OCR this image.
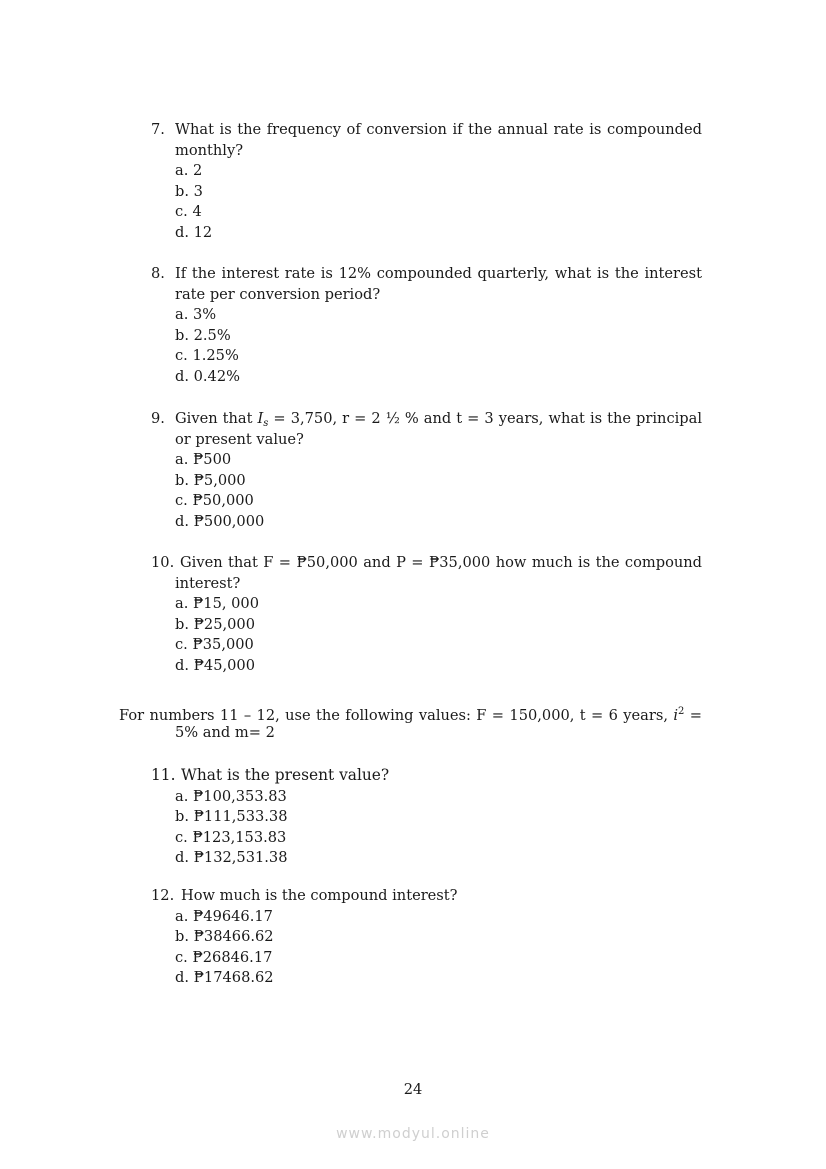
7. What is the frequency of conversion if the annual rate is compounded
monthly?
a. 2
b. 3
c. 4
d. 12
8. If the interest rate is 12% compounded quarterly, what is the interest
rate per conversion period?
a. 3%
b. 2.5%
c. 1.25%
d. 0.42%
9. Given that $I_s = 3,750$, r = 2 ½ % and t = 3 years, what is the principal
or present value?
a. ₱500
b. ₱5,000
c. ₱50,000
d. ₱500,000
10. Given that F = ₱50,000 and P = ₱35,000 how much is the compound
interest?
a. ₱15, 000
b. ₱25,000
c. ₱35,000
d. ₱45,000
For numbers 11 – 12, use the following values: F = 150,000, t = 6 years, $i^2$ =
5% and m= 2
11. What is the present value?
a. ₱100,353.83
b. ₱111,533.38
c. ₱123,153.83
d. ₱132,531.38
12. How much is the compound interest?
a. ₱49646.17
b. ₱38466.62
c. ₱26846.17
d. ₱17468.62
24
www.modyul.online
